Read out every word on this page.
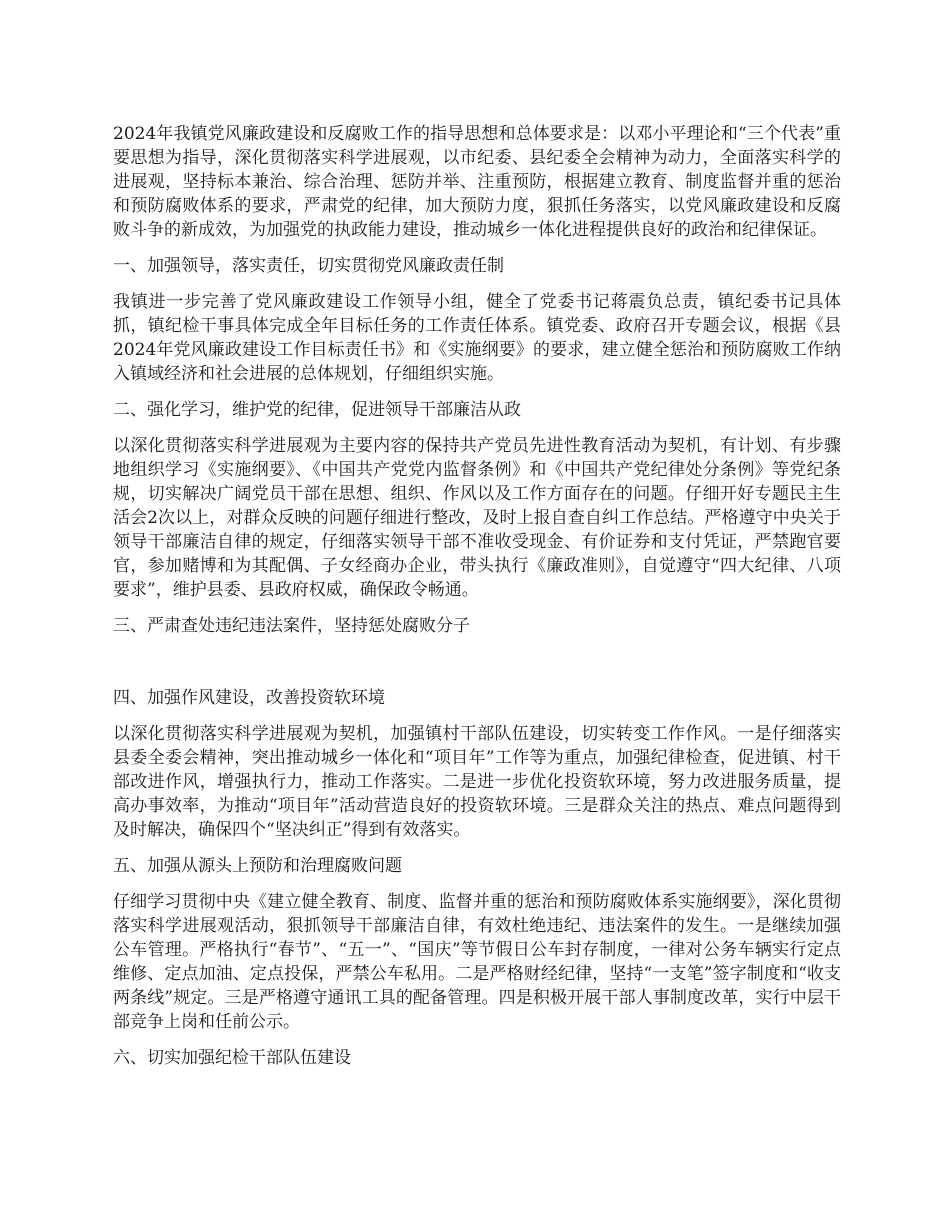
2024年我镇党风廉政建设和反腐败工作的指导思想和总体要求是：以邓小平理论和“三个代表”重要思想为指导，深化贯彻落实科学进展观，以市纪委、县纪委全会精神为动力，全面落实科学的进展观，坚持标本兼治、综合治理、惩防并举、注重预防，根据建立教育、制度监督并重的惩治和预防腐败体系的要求，严肃党的纪律，加大预防力度，狠抓任务落实，以党风廉政建设和反腐败斗争的新成效，为加强党的执政能力建设，推动城乡一体化进程提供良好的政治和纪律保证。

一、加强领导，落实责任，切实贯彻党风廉政责任制

我镇进一步完善了党风廉政建设工作领导小组，健全了党委书记蒋震负总责，镇纪委书记具体抓，镇纪检干事具体完成全年目标任务的工作责任体系。镇党委、政府召开专题会议，根据《县2024年党风廉政建设工作目标责任书》和《实施纲要》的要求，建立健全惩治和预防腐败工作纳入镇域经济和社会进展的总体规划，仔细组织实施。

二、强化学习，维护党的纪律，促进领导干部廉洁从政

以深化贯彻落实科学进展观为主要内容的保持共产党员先进性教育活动为契机，有计划、有步骤地组织学习《实施纲要》、《中国共产党党内监督条例》和《中国共产党纪律处分条例》等党纪条规，切实解决广阔党员干部在思想、组织、作风以及工作方面存在的问题。仔细开好专题民主生活会2次以上，对群众反映的问题仔细进行整改，及时上报自查自纠工作总结。严格遵守中央关于领导干部廉洁自律的规定，仔细落实领导干部不准收受现金、有价证券和支付凭证，严禁跑官要官，参加赌博和为其配偶、子女经商办企业，带头执行《廉政准则》，自觉遵守“四大纪律、八项要求”，维护县委、县政府权威，确保政令畅通。

三、严肃查处违纪违法案件，坚持惩处腐败分子

四、加强作风建设，改善投资软环境

以深化贯彻落实科学进展观为契机，加强镇村干部队伍建设，切实转变工作作风。一是仔细落实县委全委会精神，突出推动城乡一体化和“项目年”工作等为重点，加强纪律检查，促进镇、村干部改进作风，增强执行力，推动工作落实。二是进一步优化投资软环境，努力改进服务质量，提高办事效率，为推动“项目年”活动营造良好的投资软环境。三是群众关注的热点、难点问题得到及时解决，确保四个“坚决纠正”得到有效落实。

五、加强从源头上预防和治理腐败问题

仔细学习贯彻中央《建立健全教育、制度、监督并重的惩治和预防腐败体系实施纲要》，深化贯彻落实科学进展观活动，狠抓领导干部廉洁自律，有效杜绝违纪、违法案件的发生。一是继续加强公车管理。严格执行“春节”、“五一”、“国庆”等节假日公车封存制度，一律对公务车辆实行定点维修、定点加油、定点投保，严禁公车私用。二是严格财经纪律，坚持“一支笔”签字制度和“收支两条线”规定。三是严格遵守通讯工具的配备管理。四是积极开展干部人事制度改革，实行中层干部竞争上岗和任前公示。

六、切实加强纪检干部队伍建设
